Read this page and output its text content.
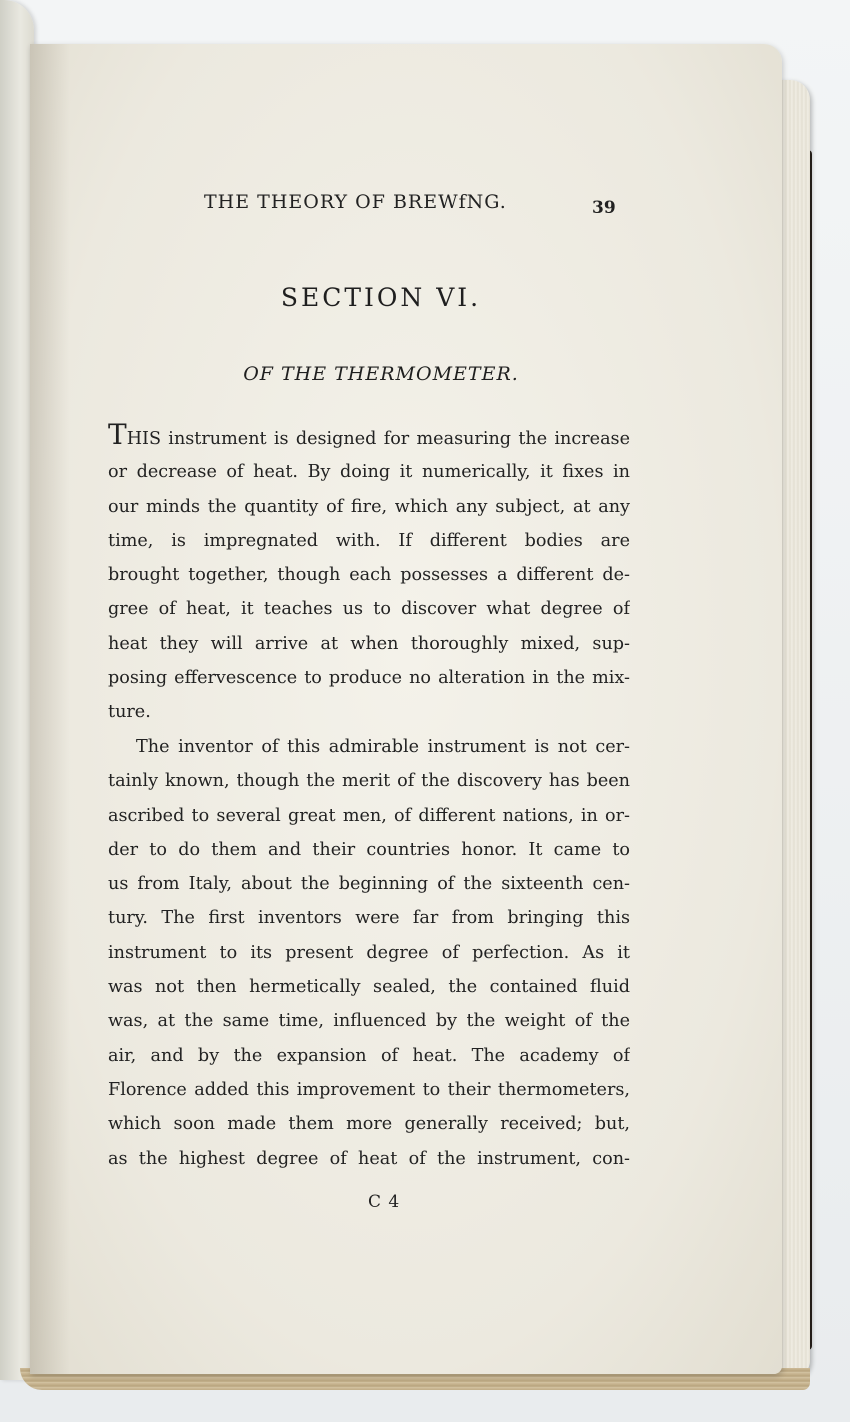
THE THEORY OF BREWfNG.	39
SECTION VI.
OF THE THERMOMETER.
THIS instrument is designed for measuring the increase
or decrease of heat. By doing it numerically, it fixes in
our minds the quantity of fire, which any subject, at any
time, is impregnated with. If different bodies are
brought together, though each possesses a different de-
gree of heat, it teaches us to discover what degree of
heat they will arrive at when thoroughly mixed, sup-
posing effervescence to produce no alteration in the mix-
ture.
The inventor of this admirable instrument is not cer-
tainly known, though the merit of the discovery has been
ascribed to several great men, of different nations, in or-
der to do them and their countries honor. It came to
us from Italy, about the beginning of the sixteenth cen-
tury. The first inventors were far from bringing this
instrument to its present degree of perfection. As it
was not then hermetically sealed, the contained fluid
was, at the same time, influenced by the weight of the
air, and by the expansion of heat. The academy of
Florence added this improvement to their thermometers,
which soon made them more generally received; but,
as the highest degree of heat of the instrument, con-
C 4
